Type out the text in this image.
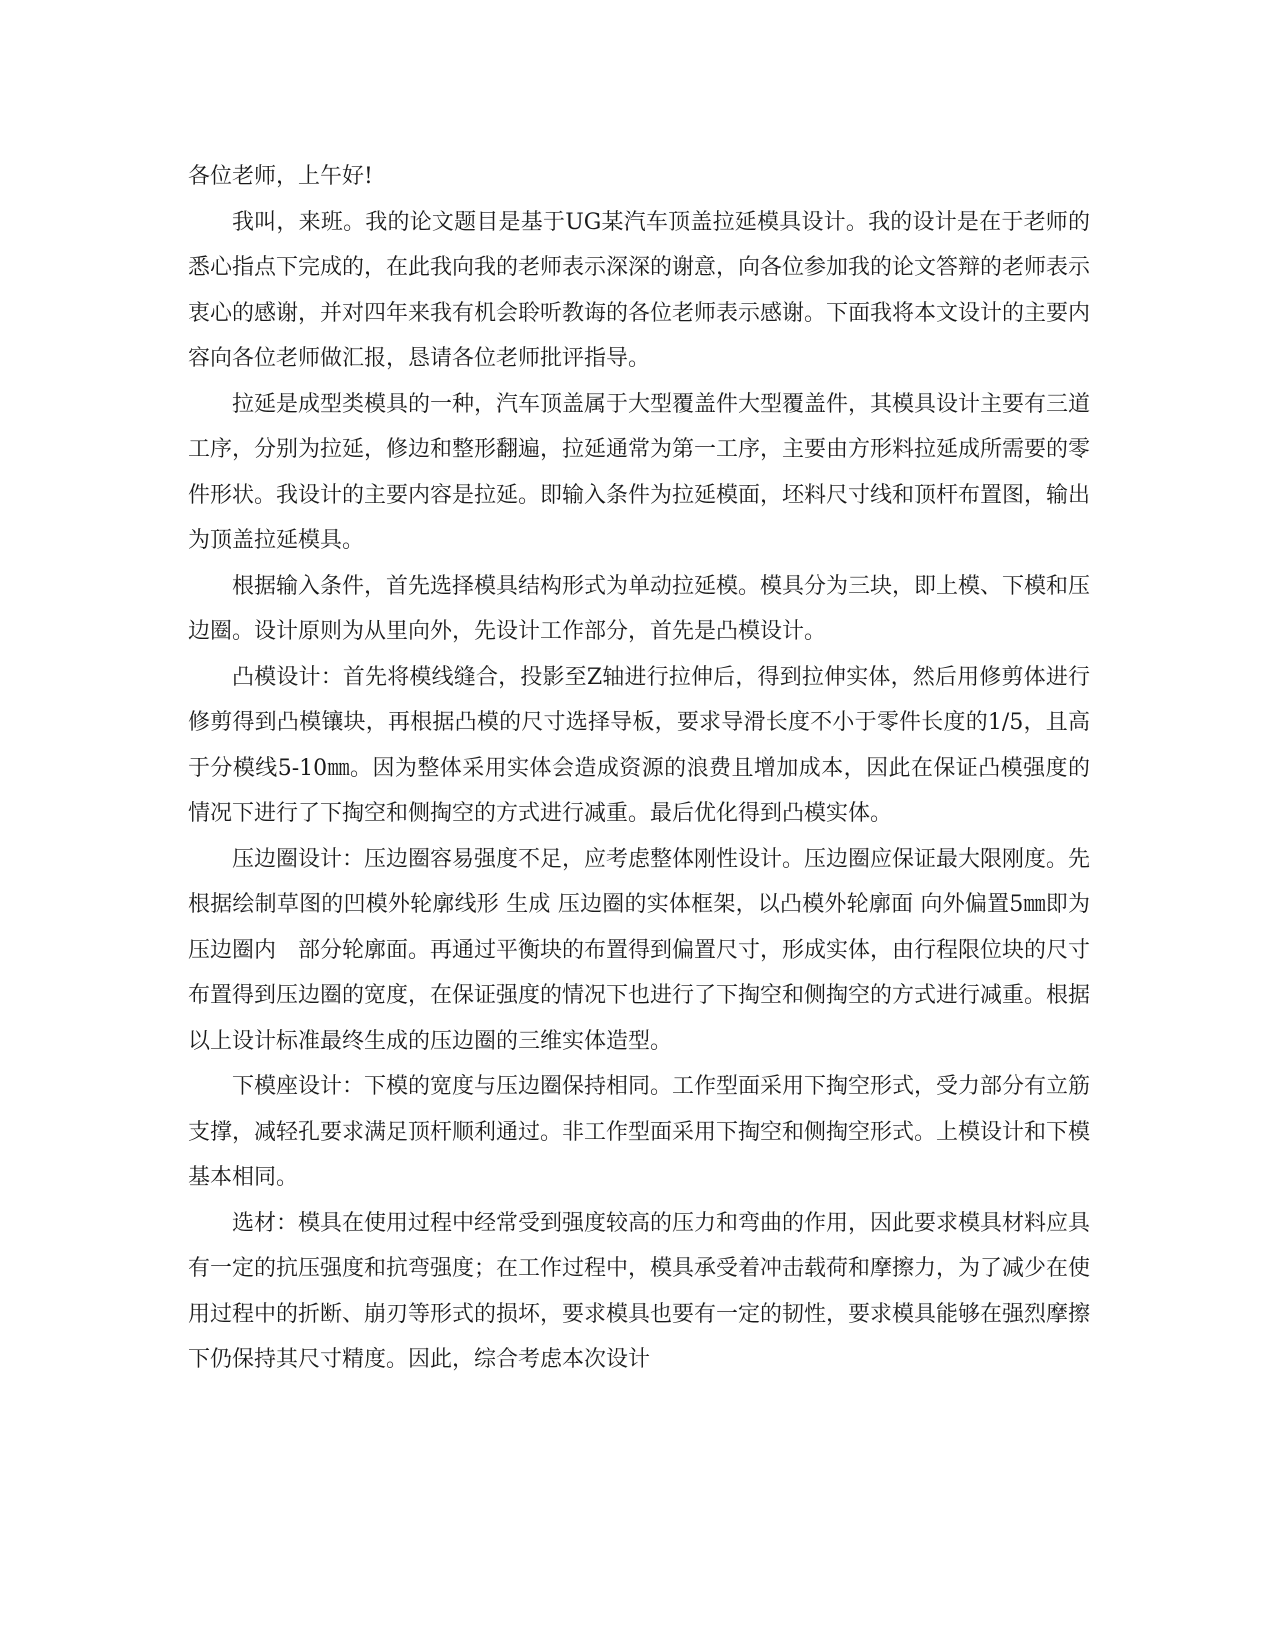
各位老师，上午好!

我叫，来班。我的论文题目是基于UG某汽车顶盖拉延模具设计。我的设计是在于老师的悉心指点下完成的，在此我向我的老师表示深深的谢意，向各位参加我的论文答辩的老师表示衷心的感谢，并对四年来我有机会聆听教诲的各位老师表示感谢。下面我将本文设计的主要内容向各位老师做汇报，恳请各位老师批评指导。

拉延是成型类模具的一种，汽车顶盖属于大型覆盖件大型覆盖件，其模具设计主要有三道工序，分别为拉延，修边和整形翻遍，拉延通常为第一工序，主要由方形料拉延成所需要的零件形状。我设计的主要内容是拉延。即输入条件为拉延模面，坯料尺寸线和顶杆布置图，输出为顶盖拉延模具。

根据输入条件，首先选择模具结构形式为单动拉延模。模具分为三块，即上模、下模和压边圈。设计原则为从里向外，先设计工作部分，首先是凸模设计。

凸模设计：首先将模线缝合，投影至Z轴进行拉伸后，得到拉伸实体，然后用修剪体进行修剪得到凸模镶块，再根据凸模的尺寸选择导板，要求导滑长度不小于零件长度的1/5，且高于分模线5-10㎜。因为整体采用实体会造成资源的浪费且增加成本，因此在保证凸模强度的情况下进行了下掏空和侧掏空的方式进行减重。最后优化得到凸模实体。

压边圈设计：压边圈容易强度不足，应考虑整体刚性设计。压边圈应保证最大限刚度。先根据绘制草图的凹模外轮廓线形 生成 压边圈的实体框架，以凸模外轮廓面 向外偏置5㎜即为压边圈内　部分轮廓面。再通过平衡块的布置得到偏置尺寸，形成实体，由行程限位块的尺寸布置得到压边圈的宽度，在保证强度的情况下也进行了下掏空和侧掏空的方式进行减重。根据以上设计标准最终生成的压边圈的三维实体造型。

下模座设计：下模的宽度与压边圈保持相同。工作型面采用下掏空形式，受力部分有立筋支撑，减轻孔要求满足顶杆顺利通过。非工作型面采用下掏空和侧掏空形式。上模设计和下模基本相同。

选材：模具在使用过程中经常受到强度较高的压力和弯曲的作用，因此要求模具材料应具有一定的抗压强度和抗弯强度；在工作过程中，模具承受着冲击载荷和摩擦力，为了减少在使用过程中的折断、崩刃等形式的损坏，要求模具也要有一定的韧性，要求模具能够在强烈摩擦下仍保持其尺寸精度。因此，综合考虑本次设计
